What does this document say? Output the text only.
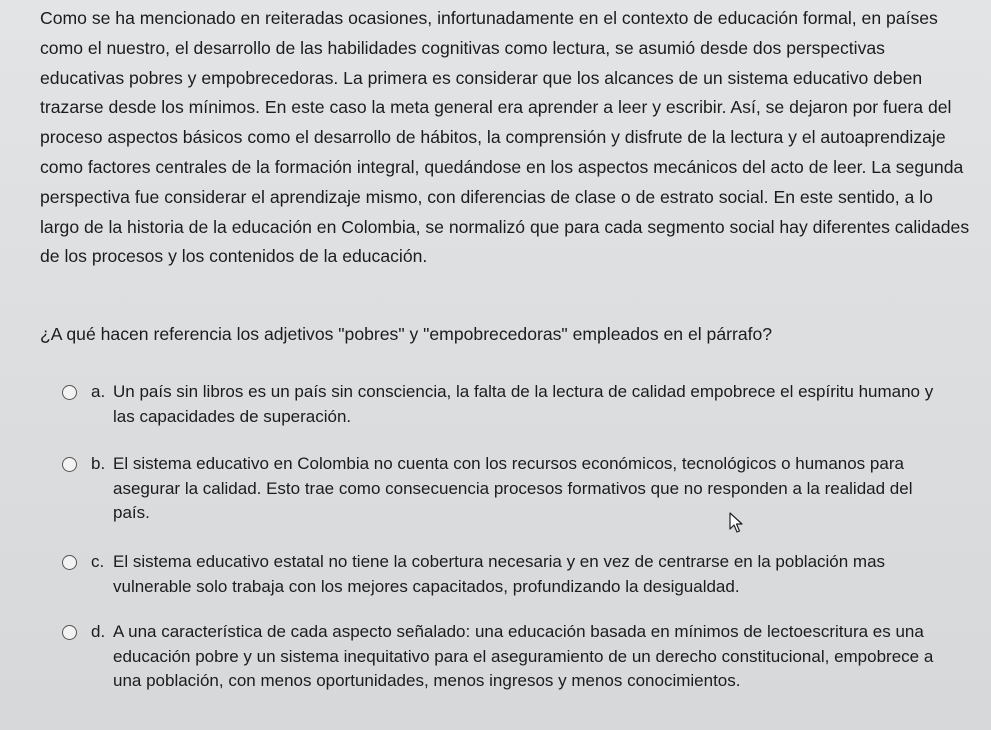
Como se ha mencionado en reiteradas ocasiones, infortunadamente en el contexto de educación formal, en países como el nuestro, el desarrollo de las habilidades cognitivas como lectura, se asumió desde dos perspectivas educativas pobres y empobrecedoras. La primera es considerar que los alcances de un sistema educativo deben trazarse desde los mínimos. En este caso la meta general era aprender a leer y escribir. Así, se dejaron por fuera del proceso aspectos básicos como el desarrollo de hábitos, la comprensión y disfrute de la lectura y el autoaprendizaje como factores centrales de la formación integral, quedándose en los aspectos mecánicos del acto de leer. La segunda perspectiva fue considerar el aprendizaje mismo, con diferencias de clase o de estrato social. En este sentido, a lo largo de la historia de la educación en Colombia, se normalizó que para cada segmento social hay diferentes calidades de los procesos y los contenidos de la educación.

¿A qué hacen referencia los adjetivos "pobres" y "empobrecedoras" empleados en el párrafo?

a. Un país sin libros es un país sin consciencia, la falta de la lectura de calidad empobrece el espíritu humano y las capacidades de superación.
b. El sistema educativo en Colombia no cuenta con los recursos económicos, tecnológicos o humanos para asegurar la calidad. Esto trae como consecuencia procesos formativos que no responden a la realidad del país.
c. El sistema educativo estatal no tiene la cobertura necesaria y en vez de centrarse en la población mas vulnerable solo trabaja con los mejores capacitados, profundizando la desigualdad.
d. A una característica de cada aspecto señalado: una educación basada en mínimos de lectoescritura es una educación pobre y un sistema inequitativo para el aseguramiento de un derecho constitucional, empobrece a una población, con menos oportunidades, menos ingresos y menos conocimientos.
